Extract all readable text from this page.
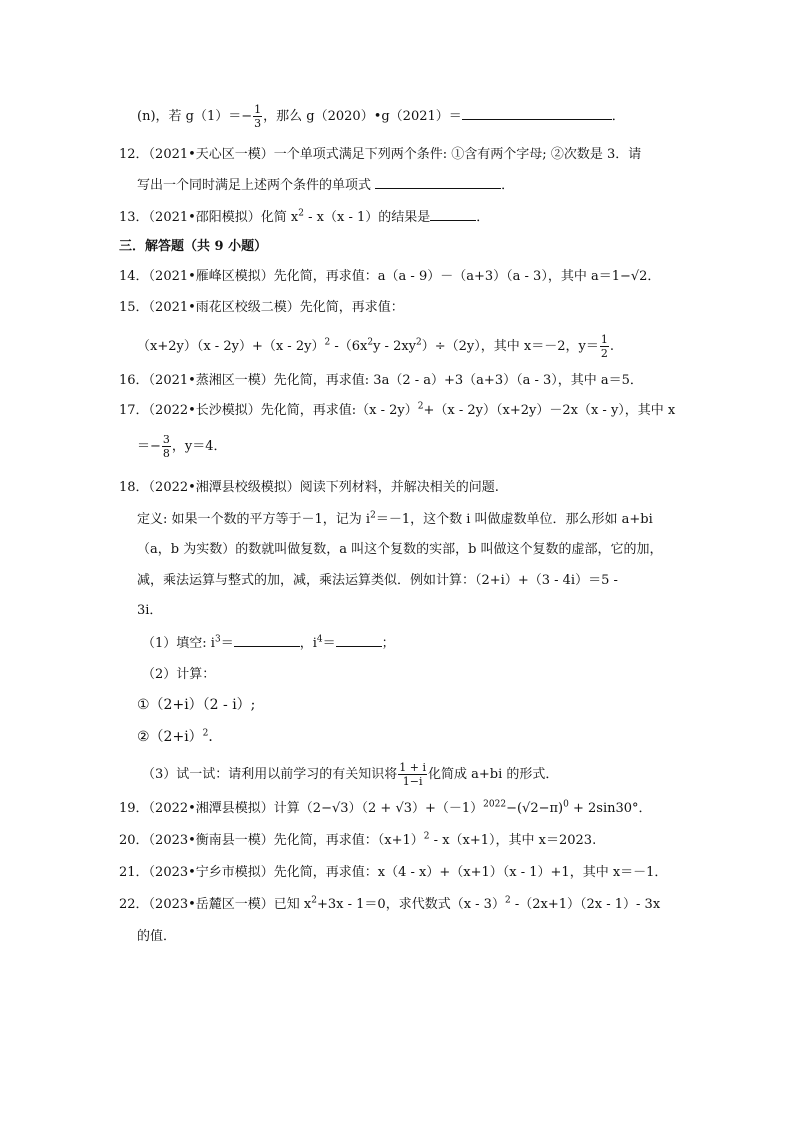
(n)，若 $g(1)=- \frac{1}{3}$ ，那么 g（2020）•g（2021）＝	．
12．（2021•天心区一模）一个单项式满足下列两个条件: ①含有两个字母; ②次数是 3．请
写出一个同时满足上述两个条件的单项式	．
13．（2021•邵阳模拟）化简 $x^2 - x(x - 1)$的结果是	．
三．解答题（共 9 小题）
14．（2021•雁峰区模拟）先化简，再求值：a（a - 9）－（a+3）（a - 3），其中 a＝1−√2．
15．（2021•雨花区校级二模）先化简，再求值：
（x+2y）（x - 2y）+（x - 2y）$^2$ $-(6x^2y - 2xy^2)\div(2y)$，其中 x＝－2，$y= \frac{1}{2}$ .
16．（2021•蒸湘区一模）先化简，再求值: 3a（2 - a）+3（a+3）（a - 3），其中 a＝5．
17．（2022•长沙模拟）先化简，再求值:（x - 2y）$^2$+（x - 2y）（x+2y）－2x（x - y），其中 x
＝− $\frac{3}{8}$ ，y＝4．
18．（2022•湘潭县校级模拟）阅读下列材料，并解决相关的问题.
定义: 如果一个数的平方等于－1，记为 $i^2=-1$，这个数 i 叫做虚数单位．那么形如 a+bi
（a，b 为实数）的数就叫做复数，a 叫这个复数的实部，b 叫做这个复数的虚部，它的加，
减，乘法运算与整式的加，减，乘法运算类似．例如计算：（2+i）+（3 - 4i）＝5 -
3i．
（1）填空: $i^3=$	，$i^4=$	；
（2）计算：
①（2+i）（2 - i）;
$②(2+i)^2$．
（3）试一试：请利用以前学习的有关知识将 $\frac{1 + i}{1-i}$ 化简成 a+bi 的形式．
19．（2022•湘潭县模拟）计算$(2-√3)(2 + √3)+(-1)^{2022}-(√2-\pi)^0 + 2\sin 30^\circ$．
20．（2023•衡南县一模）先化简，再求值：$(x+1)^2 - x(x+1)$，其中 x＝2023.
21．（2023•宁乡市模拟）先化简，再求值：x（4 - x）+（x+1）（x - 1）+1，其中 x＝－1．
22．（2023•岳麓区一模）已知 $x^2+3x - 1=0$，求代数式（x - 3）$^2$ -（2x+1）（2x - 1）- 3x
的值．
